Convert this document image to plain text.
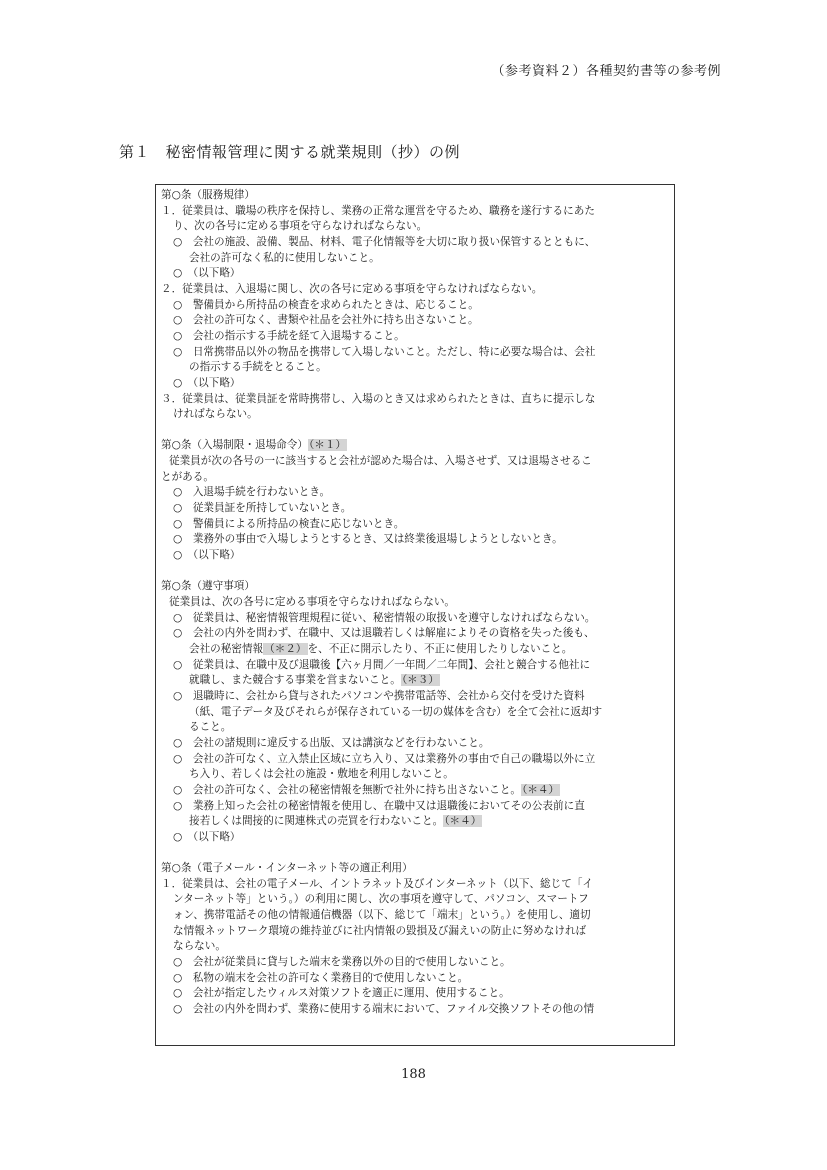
（参考資料２）各種契約書等の参考例
第１　秘密情報管理に関する就業規則（抄）の例

第○条（服務規律）

１．従業員は、職場の秩序を保持し、業務の正常な運営を守るため、職務を遂行するにあた

り、次の各号に定める事項を守らなければならない。

○　会社の施設、設備、製品、材料、電子化情報等を大切に取り扱い保管するとともに、

会社の許可なく私的に使用しないこと。

○　（以下略）

２．従業員は、入退場に関し、次の各号に定める事項を守らなければならない。

○　警備員から所持品の検査を求められたときは、応じること。

○　会社の許可なく、書類や社品を会社外に持ち出さないこと。

○　会社の指示する手続を経て入退場すること。

○　日常携帯品以外の物品を携帯して入場しないこと。ただし、特に必要な場合は、会社

の指示する手続をとること。

○　（以下略）

３．従業員は、従業員証を常時携帯し、入場のとき又は求められたときは、直ちに提示しな

ければならない。

第○条（入場制限・退場命令）（＊１）

従業員が次の各号の一に該当すると会社が認めた場合は、入場させず、又は退場させるこ

とがある。

○　入退場手続を行わないとき。

○　従業員証を所持していないとき。

○　警備員による所持品の検査に応じないとき。

○　業務外の事由で入場しようとするとき、又は終業後退場しようとしないとき。

○　（以下略）

第○条（遵守事項）

従業員は、次の各号に定める事項を守らなければならない。

○　従業員は、秘密情報管理規程に従い、秘密情報の取扱いを遵守しなければならない。

○　会社の内外を問わず、在職中、又は退職若しくは解雇によりその資格を失った後も、

会社の秘密情報（＊２）を、不正に開示したり、不正に使用したりしないこと。

○　従業員は、在職中及び退職後【六ヶ月間／一年間／二年間】、会社と競合する他社に

就職し、また競合する事業を営まないこと。（＊３）

○　退職時に、会社から貸与されたパソコンや携帯電話等、会社から交付を受けた資料

（紙、電子データ及びそれらが保存されている一切の媒体を含む）を全て会社に返却す

ること。

○　会社の諸規則に違反する出版、又は講演などを行わないこと。

○　会社の許可なく、立入禁止区域に立ち入り、又は業務外の事由で自己の職場以外に立

ち入り、若しくは会社の施設・敷地を利用しないこと。

○　会社の許可なく、会社の秘密情報を無断で社外に持ち出さないこと。（＊４）

○　業務上知った会社の秘密情報を使用し、在職中又は退職後においてその公表前に直

接若しくは間接的に関連株式の売買を行わないこと。（＊４）

○　（以下略）

第○条（電子メール・インターネット等の適正利用）

１．従業員は、会社の電子メール、イントラネット及びインターネット（以下、総じて「イ

ンターネット等」という。）の利用に関し、次の事項を遵守して、パソコン、スマートフ

ォン、携帯電話その他の情報通信機器（以下、総じて「端末」という。）を使用し、適切

な情報ネットワーク環境の維持並びに社内情報の毀損及び漏えいの防止に努めなければ

ならない。

○　会社が従業員に貸与した端末を業務以外の目的で使用しないこと。

○　私物の端末を会社の許可なく業務目的で使用しないこと。

○　会社が指定したウィルス対策ソフトを適正に運用、使用すること。

○　会社の内外を問わず、業務に使用する端末において、ファイル交換ソフトその他の情

188
